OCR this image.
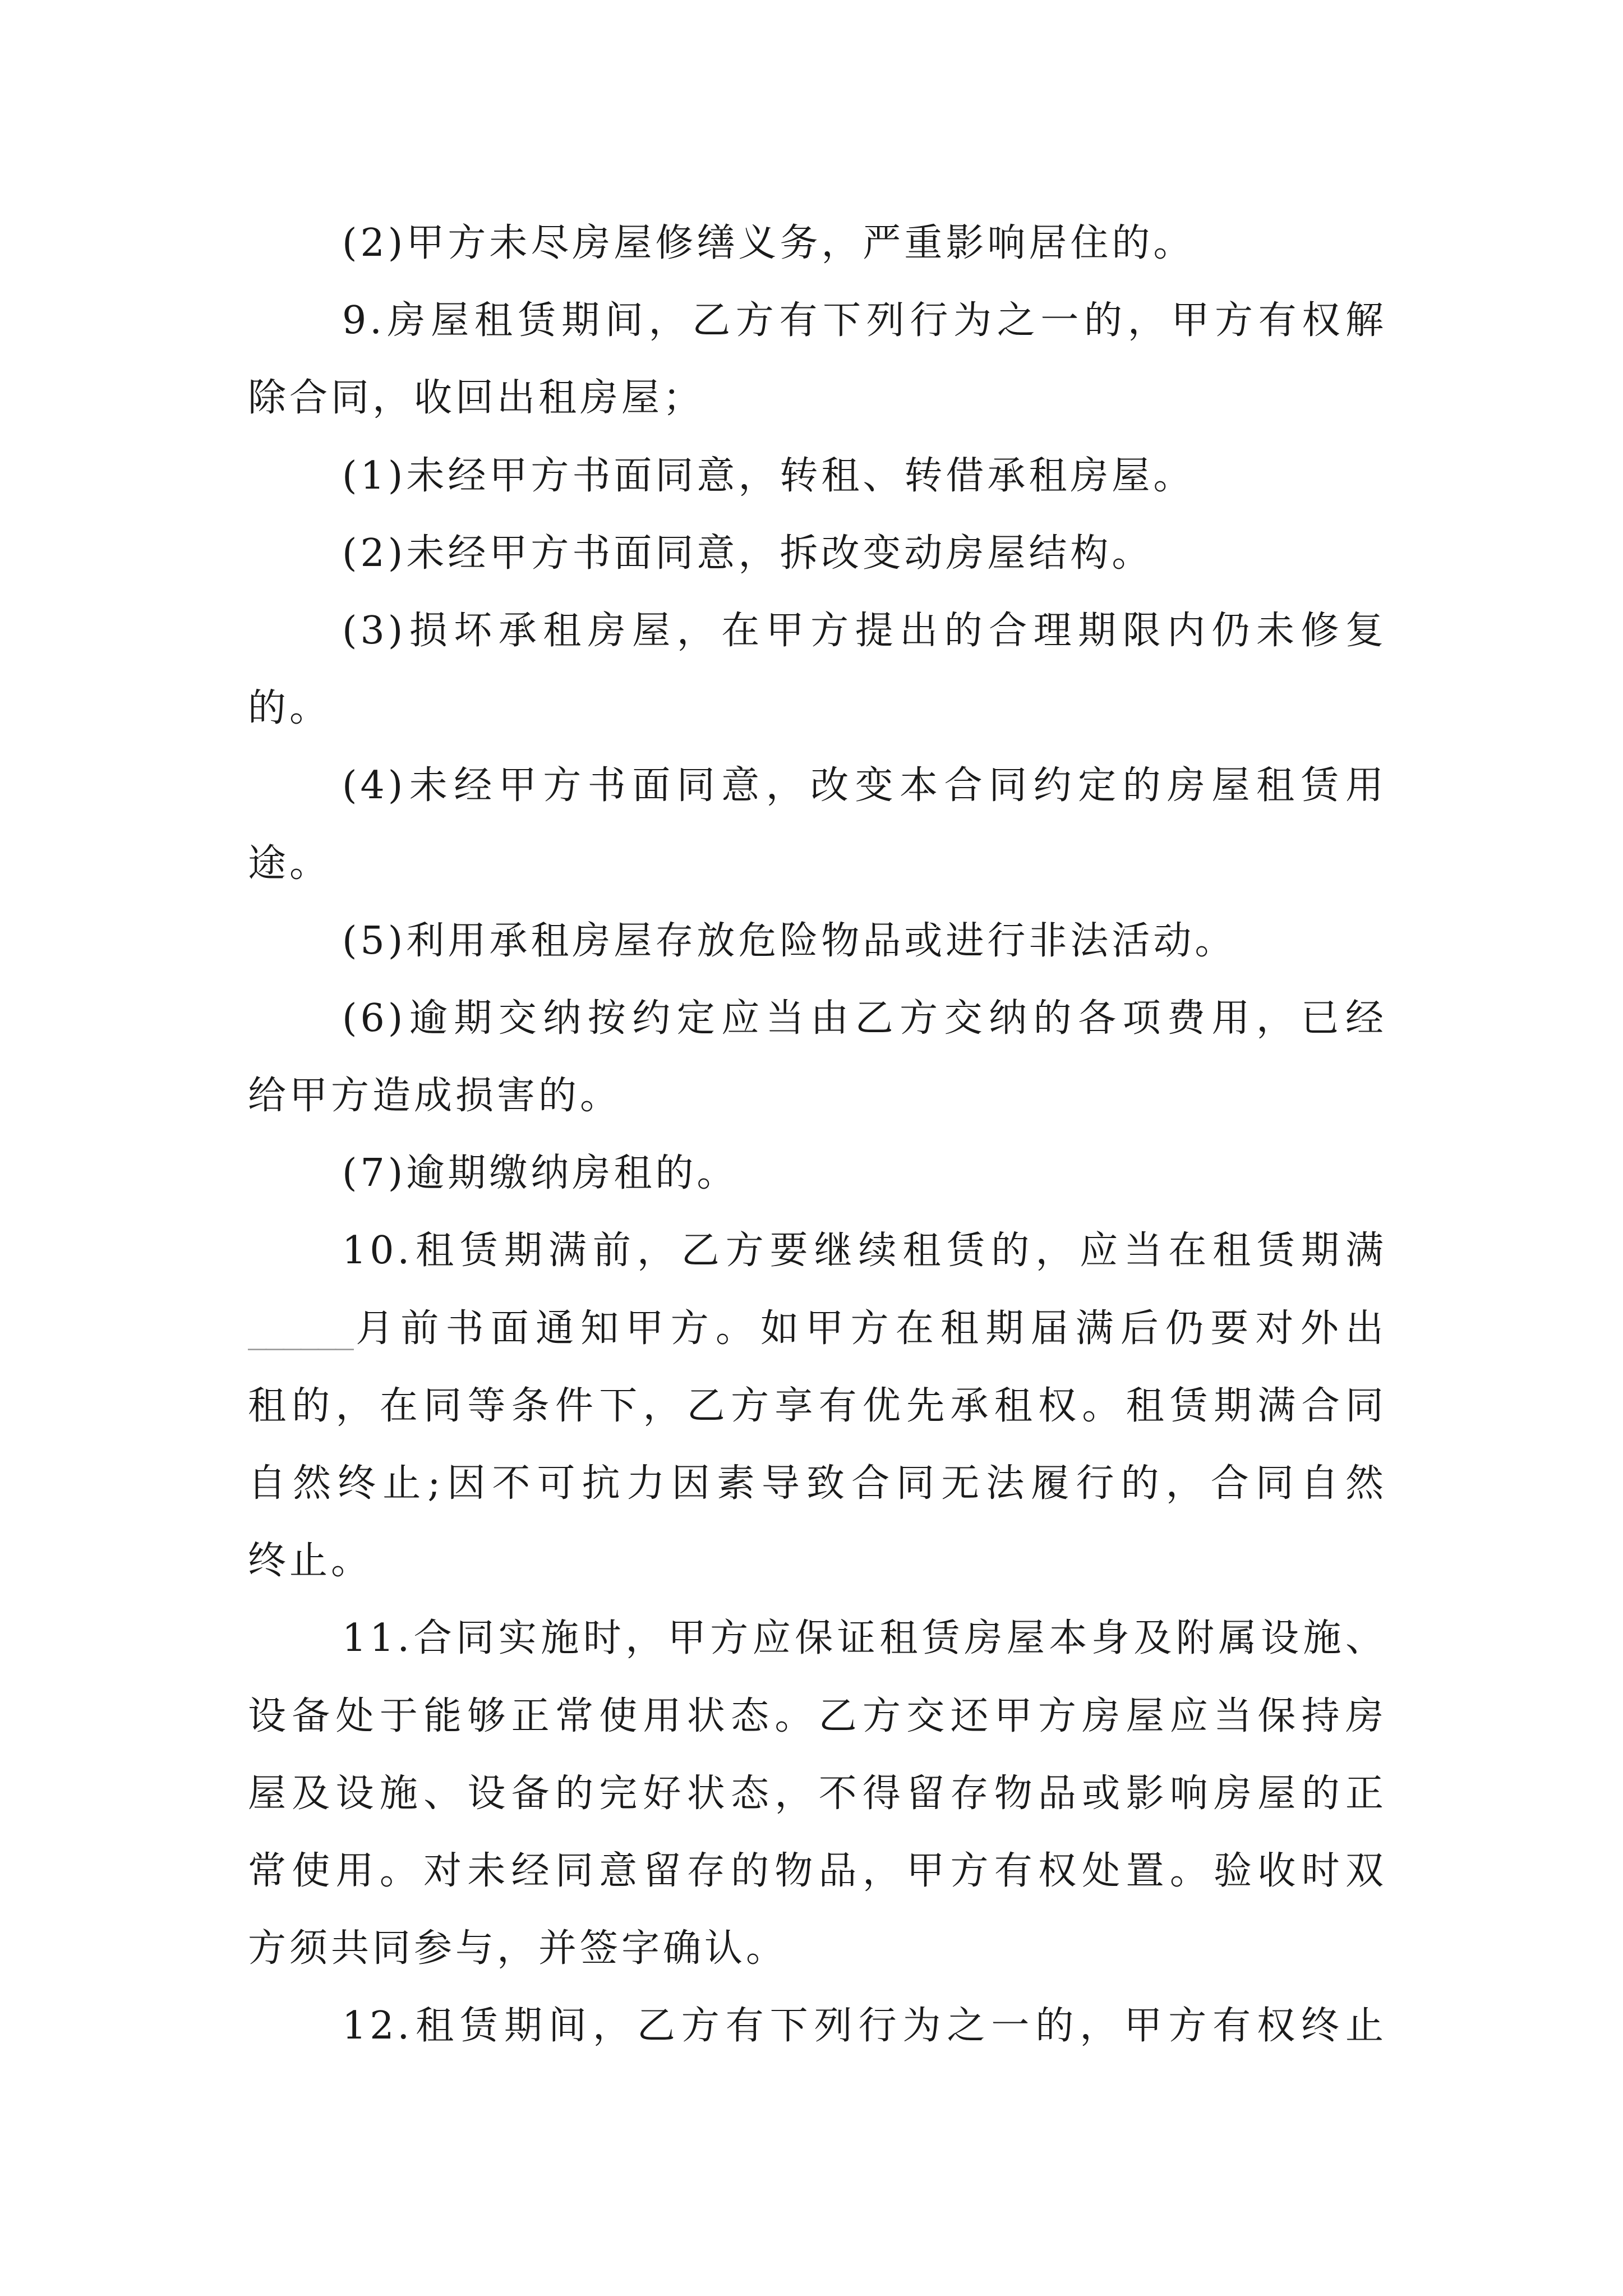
(2)甲方未尽房屋修缮义务，严重影响居住的。
9.房屋租赁期间，乙方有下列行为之一的，甲方有权解
除合同，收回出租房屋；
(1)未经甲方书面同意，转租、转借承租房屋。
(2)未经甲方书面同意，拆改变动房屋结构。
(3)损坏承租房屋，在甲方提出的合理期限内仍未修复
的。
(4)未经甲方书面同意，改变本合同约定的房屋租赁用
途。
(5)利用承租房屋存放危险物品或进行非法活动。
(6)逾期交纳按约定应当由乙方交纳的各项费用，已经
给甲方造成损害的。
(7)逾期缴纳房租的。
10.租赁期满前，乙方要继续租赁的，应当在租赁期满
______月前书面通知甲方。如甲方在租期届满后仍要对外出
租的，在同等条件下，乙方享有优先承租权。租赁期满合同
自然终止;因不可抗力因素导致合同无法履行的，合同自然
终止。
11.合同实施时，甲方应保证租赁房屋本身及附属设施、
设备处于能够正常使用状态。乙方交还甲方房屋应当保持房
屋及设施、设备的完好状态，不得留存物品或影响房屋的正
常使用。对未经同意留存的物品，甲方有权处置。验收时双
方须共同参与，并签字确认。
12.租赁期间，乙方有下列行为之一的，甲方有权终止
